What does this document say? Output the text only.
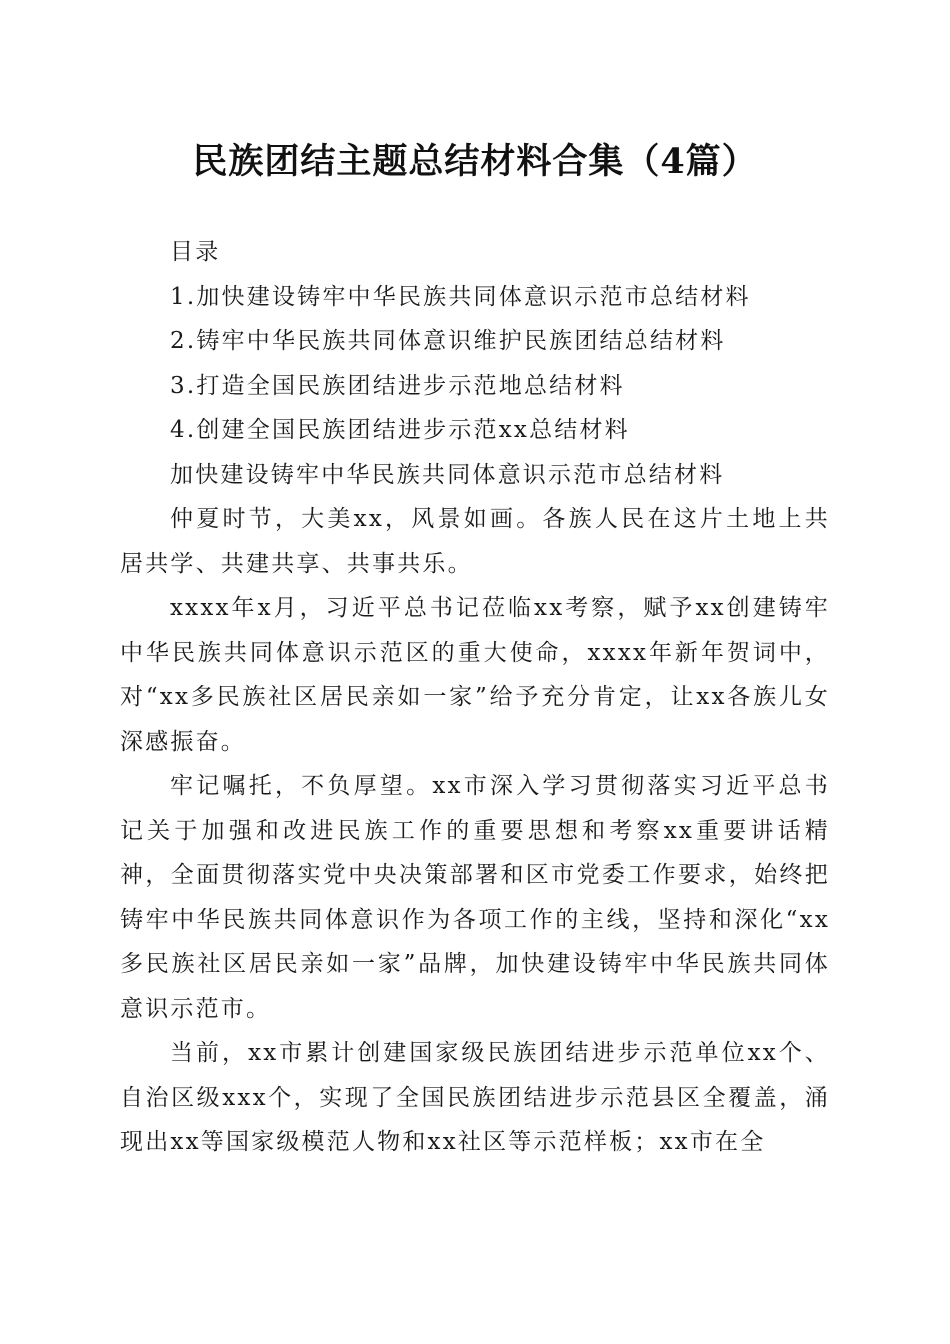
民族团结主题总结材料合集（4篇）

目录

1.加快建设铸牢中华民族共同体意识示范市总结材料

2.铸牢中华民族共同体意识维护民族团结总结材料

3.打造全国民族团结进步示范地总结材料

4.创建全国民族团结进步示范xx总结材料

加快建设铸牢中华民族共同体意识示范市总结材料

仲夏时节，大美xx，风景如画。各族人民在这片土地上共居共学、共建共享、共事共乐。

xxxx年x月，习近平总书记莅临xx考察，赋予xx创建铸牢中华民族共同体意识示范区的重大使命，xxxx年新年贺词中，对“xx多民族社区居民亲如一家”给予充分肯定，让xx各族儿女深感振奋。

牢记嘱托，不负厚望。xx市深入学习贯彻落实习近平总书记关于加强和改进民族工作的重要思想和考察xx重要讲话精神，全面贯彻落实党中央决策部署和区市党委工作要求，始终把铸牢中华民族共同体意识作为各项工作的主线，坚持和深化“xx多民族社区居民亲如一家”品牌，加快建设铸牢中华民族共同体意识示范市。

当前，xx市累计创建国家级民族团结进步示范单位xx个、自治区级xxx个，实现了全国民族团结进步示范县区全覆盖，涌现出xx等国家级模范人物和xx社区等示范样板；xx市在全
